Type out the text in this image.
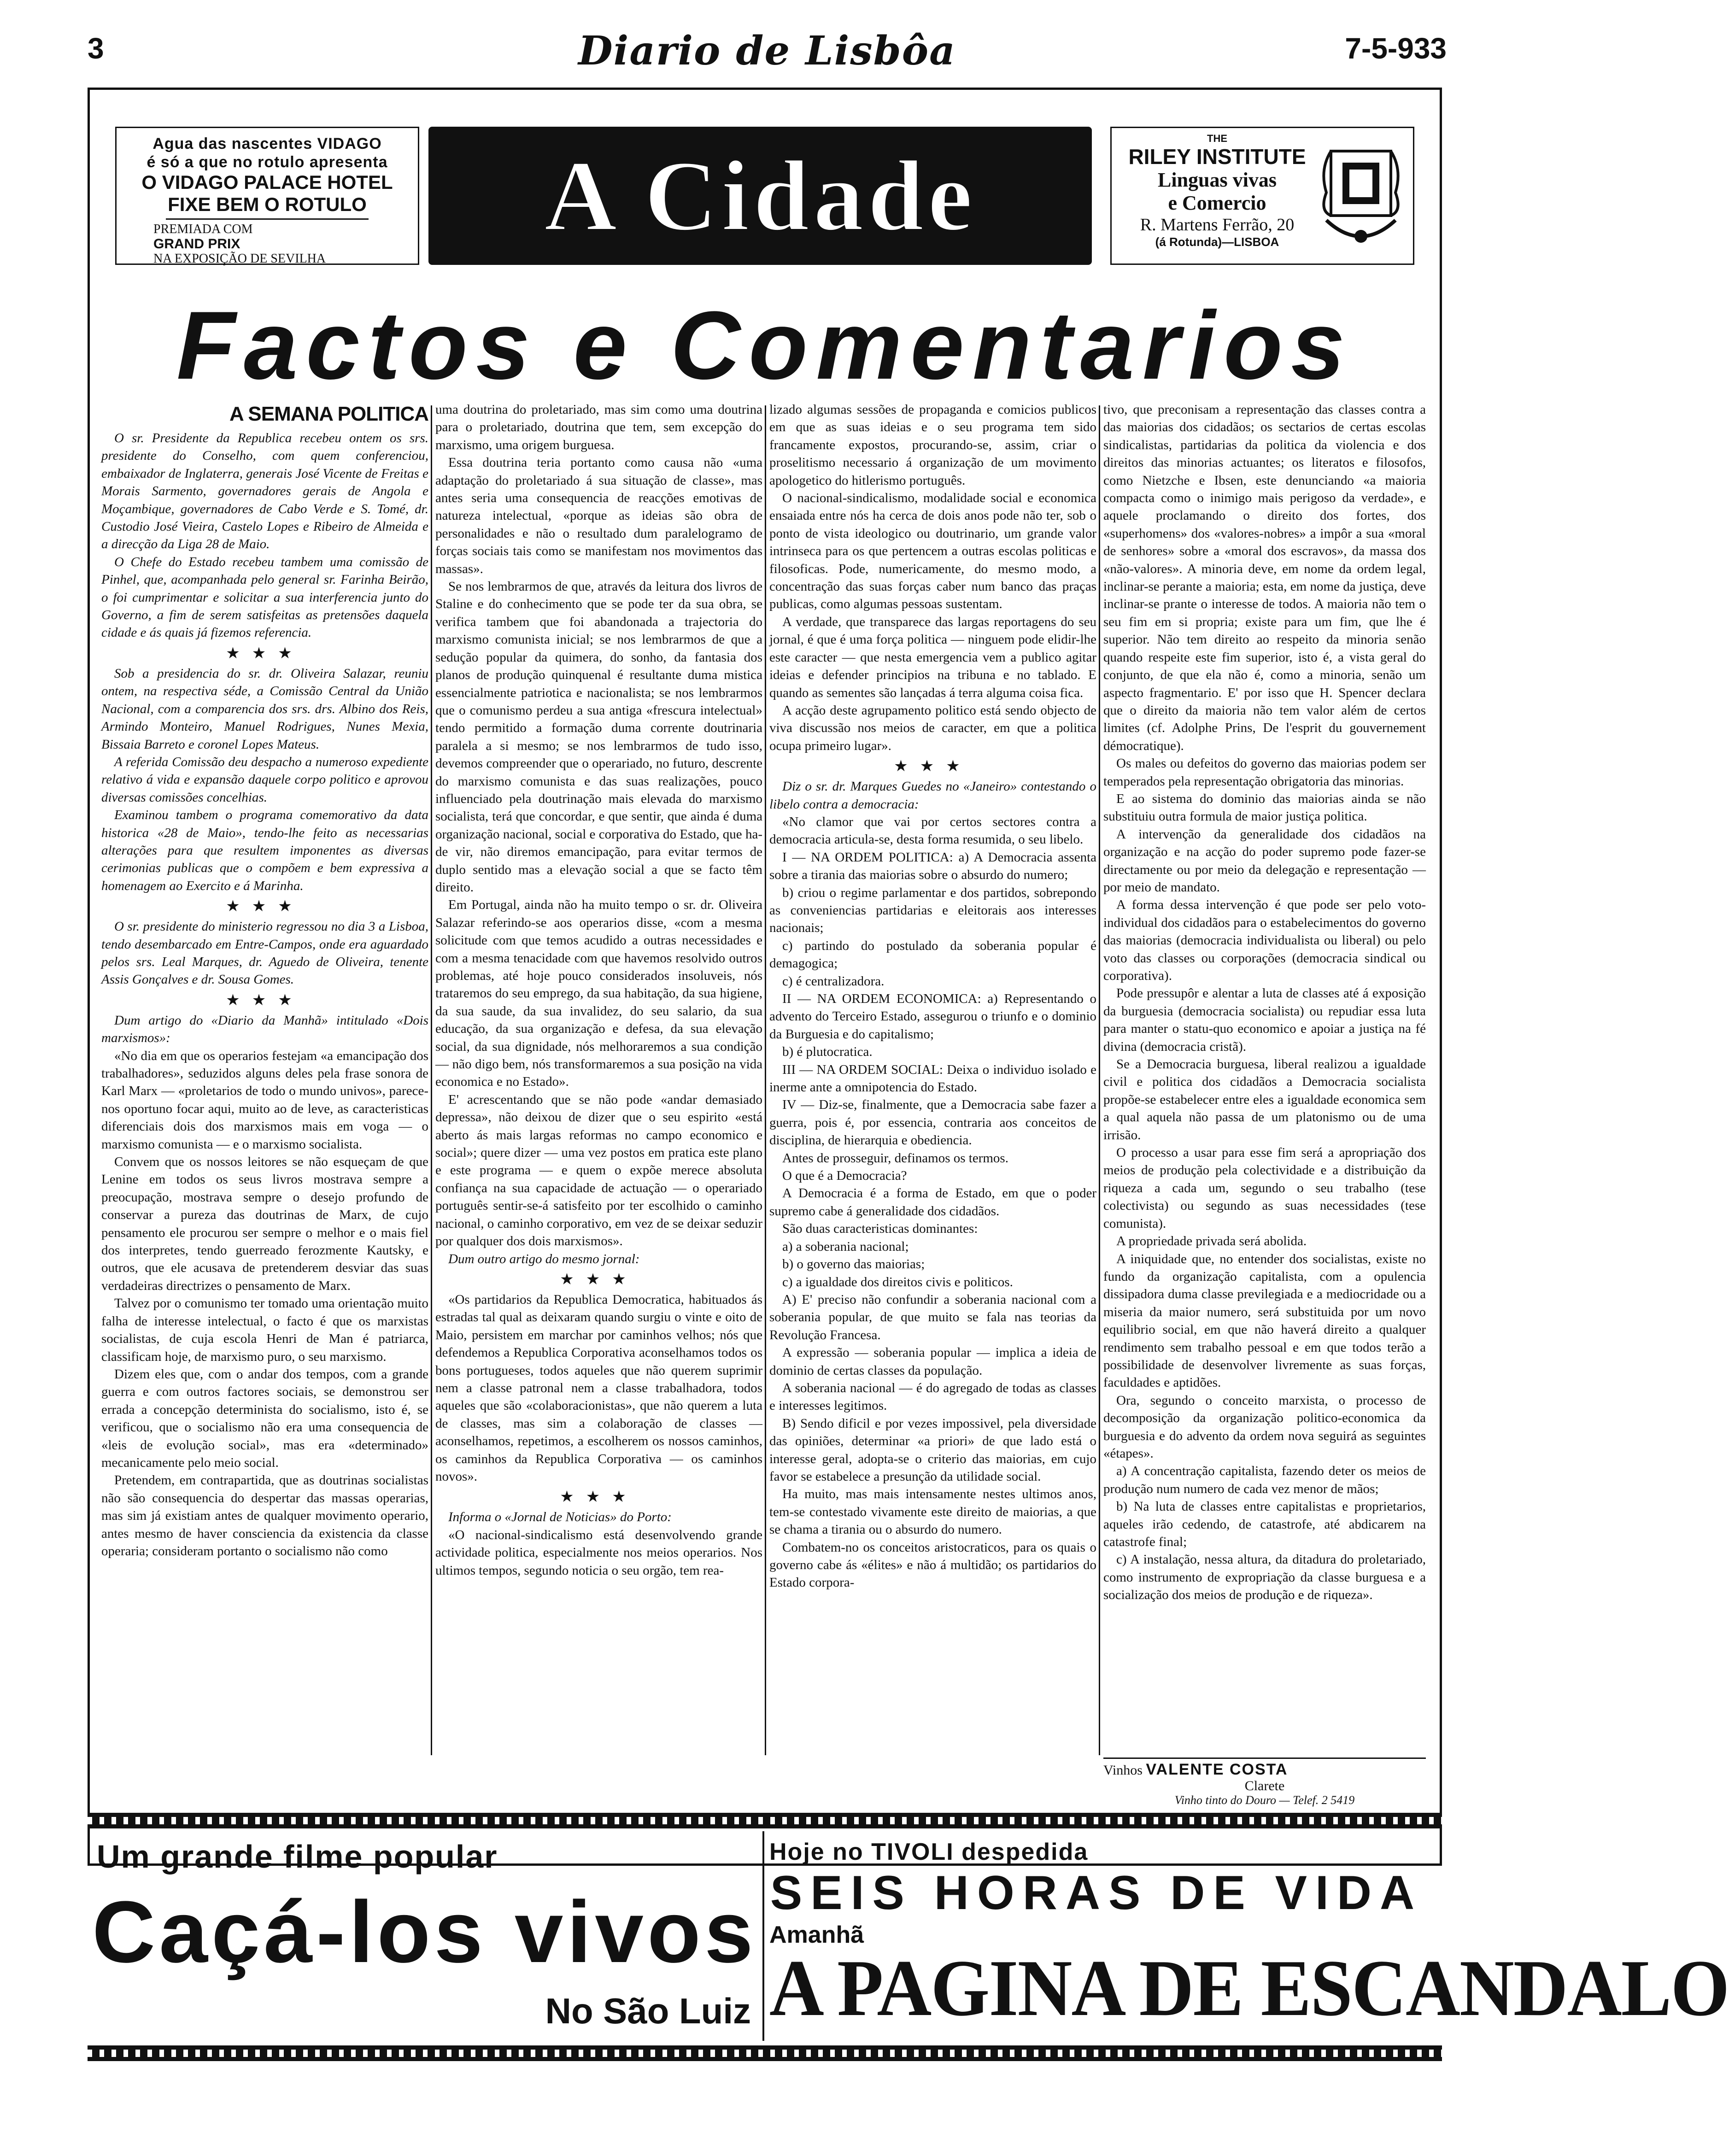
3	Diario de Lisbôa	7-5-933
Agua das nascentes VIDAGO
é só a que no rotulo apresenta
O VIDAGO PALACE HOTEL
FIXE BEM O ROTULO
PREMIADA COM
GRAND PRIX
NA EXPOSIÇÃO DE SEVILHA
A Cidade
THE
RILEY INSTITUTE
Linguas vivas
e Comercio
R. Martens Ferrão, 20
(á Rotunda)—LISBOA
Factos e Comentarios
A SEMANA POLITICA

O sr. Presidente da Republica recebeu ontem os srs. presidente do Conselho, com quem conferenciou, embaixador de Inglaterra, generais José Vicente de Freitas e Morais Sarmento, governadores gerais de Angola e Moçambique, governadores de Cabo Verde e S. Tomé, dr. Custodio José Vieira, Castelo Lopes e Ribeiro de Almeida e a direcção da Liga 28 de Maio.

O Chefe do Estado recebeu tambem uma comissão de Pinhel, que, acompanhada pelo general sr. Farinha Beirão, o foi cumprimentar e solicitar a sua interferencia junto do Governo, a fim de serem satisfeitas as pretensões daquela cidade e ás quais já fizemos referencia.

★★★

Sob a presidencia do sr. dr. Oliveira Salazar, reuniu ontem, na respectiva séde, a Comissão Central da União Nacional, com a comparencia dos srs. drs. Albino dos Reis, Armindo Monteiro, Manuel Rodrigues, Nunes Mexia, Bissaia Barreto e coronel Lopes Mateus.

A referida Comissão deu despacho a numeroso expediente relativo á vida e expansão daquele corpo politico e aprovou diversas comissões concelhias.

Examinou tambem o programa comemorativo da data historica «28 de Maio», tendo-lhe feito as necessarias alterações para que resultem imponentes as diversas cerimonias publicas que o compõem e bem expressiva a homenagem ao Exercito e á Marinha.

★★★

O sr. presidente do ministerio regressou no dia 3 a Lisboa, tendo desembarcado em Entre-Campos, onde era aguardado pelos srs. Leal Marques, dr. Aguedo de Oliveira, tenente Assis Gonçalves e dr. Sousa Gomes.

★★★

Dum artigo do «Diario da Manhã» intitulado «Dois marxismos»:

«No dia em que os operarios festejam «a emancipação dos trabalhadores», seduzidos alguns deles pela frase sonora de Karl Marx — «proletarios de todo o mundo univos», parece-nos oportuno focar aqui, muito ao de leve, as caracteristicas diferenciais dois dos marxismos mais em voga — o marxismo comunista — e o marxismo socialista.

Convem que os nossos leitores se não esqueçam de que Lenine em todos os seus livros mostrava sempre a preocupação, mostrava sempre o desejo profundo de conservar a pureza das doutrinas de Marx, de cujo pensamento ele procurou ser sempre o melhor e o mais fiel dos interpretes, tendo guerreado ferozmente Kautsky, e outros, que ele acusava de pretenderem desviar das suas verdadeiras directrizes o pensamento de Marx.

Talvez por o comunismo ter tomado uma orientação muito falha de interesse intelectual, o facto é que os marxistas socialistas, de cuja escola Henri de Man é patriarca, classificam hoje, de marxismo puro, o seu marxismo.

Dizem eles que, com o andar dos tempos, com a grande guerra e com outros factores sociais, se demonstrou ser errada a concepção determinista do socialismo, isto é, se verificou, que o socialismo não era uma consequencia de «leis de evolução social», mas era «determinado» mecanicamente pelo meio social.

Pretendem, em contrapartida, que as doutrinas socialistas não são consequencia do despertar das massas operarias, mas sim já existiam antes de qualquer movimento operario, antes mesmo de haver consciencia da existencia da classe operaria; consideram portanto o socialismo não como

uma doutrina do proletariado, mas sim como uma doutrina para o proletariado, doutrina que tem, sem excepção do marxismo, uma origem burguesa.

Essa doutrina teria portanto como causa não «uma adaptação do proletariado á sua situação de classe», mas antes seria uma consequencia de reacções emotivas de natureza intelectual, «porque as ideias são obra de personalidades e não o resultado dum paralelogramo de forças sociais tais como se manifestam nos movimentos das massas».

Se nos lembrarmos de que, através da leitura dos livros de Staline e do conhecimento que se pode ter da sua obra, se verifica tambem que foi abandonada a trajectoria do marxismo comunista inicial; se nos lembrarmos de que a sedução popular da quimera, do sonho, da fantasia dos planos de produção quinquenal é resultante duma mistica essencialmente patriotica e nacionalista; se nos lembrarmos que o comunismo perdeu a sua antiga «frescura intelectual» tendo permitido a formação duma corrente doutrinaria paralela a si mesmo; se nos lembrarmos de tudo isso, devemos compreender que o operariado, no futuro, descrente do marxismo comunista e das suas realizações, pouco influenciado pela doutrinação mais elevada do marxismo socialista, terá que concordar, e que sentir, que ainda é duma organização nacional, social e corporativa do Estado, que ha-de vir, não diremos emancipação, para evitar termos de duplo sentido mas a elevação social a que se facto têm direito.

Em Portugal, ainda não ha muito tempo o sr. dr. Oliveira Salazar referindo-se aos operarios disse, «com a mesma solicitude com que temos acudido a outras necessidades e com a mesma tenacidade com que havemos resolvido outros problemas, até hoje pouco considerados insoluveis, nós trataremos do seu emprego, da sua habitação, da sua higiene, da sua saude, da sua invalidez, do seu salario, da sua educação, da sua organização e defesa, da sua elevação social, da sua dignidade, nós melhoraremos a sua condição — não digo bem, nós transformaremos a sua posição na vida economica e no Estado».

E' acrescentando que se não pode «andar demasiado depressa», não deixou de dizer que o seu espirito «está aberto ás mais largas reformas no campo economico e social»; quere dizer — uma vez postos em pratica este plano e este programa — e quem o expõe merece absoluta confiança na sua capacidade de actuação — o operariado português sentir-se-á satisfeito por ter escolhido o caminho nacional, o caminho corporativo, em vez de se deixar seduzir por qualquer dos dois marxismos».

Dum outro artigo do mesmo jornal:

★★★

«Os partidarios da Republica Democratica, habituados ás estradas tal qual as deixaram quando surgiu o vinte e oito de Maio, persistem em marchar por caminhos velhos; nós que defendemos a Republica Corporativa aconselhamos todos os bons portugueses, todos aqueles que não querem suprimir nem a classe patronal nem a classe trabalhadora, todos aqueles que são «colaboracionistas», que não querem a luta de classes, mas sim a colaboração de classes — aconselhamos, repetimos, a escolherem os nossos caminhos, os caminhos da Republica Corporativa — os caminhos novos».

★★★

Informa o «Jornal de Noticias» do Porto:

«O nacional-sindicalismo está desenvolvendo grande actividade politica, especialmente nos meios operarios. Nos ultimos tempos, segundo noticia o seu orgão, tem rea-

lizado algumas sessões de propaganda e comicios publicos em que as suas ideias e o seu programa tem sido francamente expostos, procurando-se, assim, criar o proselitismo necessario á organização de um movimento apologetico do hitlerismo português.

O nacional-sindicalismo, modalidade social e economica ensaiada entre nós ha cerca de dois anos pode não ter, sob o ponto de vista ideologico ou doutrinario, um grande valor intrinseca para os que pertencem a outras escolas politicas e filosoficas. Pode, numericamente, do mesmo modo, a concentração das suas forças caber num banco das praças publicas, como algumas pessoas sustentam.

A verdade, que transparece das largas reportagens do seu jornal, é que é uma força politica — ninguem pode elidir-lhe este caracter — que nesta emergencia vem a publico agitar ideias e defender principios na tribuna e no tablado. E quando as sementes são lançadas á terra alguma coisa fica.

A acção deste agrupamento politico está sendo objecto de viva discussão nos meios de caracter, em que a politica ocupa primeiro lugar».

★★★

Diz o sr. dr. Marques Guedes no «Janeiro» contestando o libelo contra a democracia:

«No clamor que vai por certos sectores contra a democracia articula-se, desta forma resumida, o seu libelo.

I — NA ORDEM POLITICA: a) A Democracia assenta sobre a tirania das maiorias sobre o absurdo do numero;

b) criou o regime parlamentar e dos partidos, sobrepondo as conveniencias partidarias e eleitorais aos interesses nacionais;

c) partindo do postulado da soberania popular é demagogica;

c) é centralizadora.

II — NA ORDEM ECONOMICA: a) Representando o advento do Terceiro Estado, assegurou o triunfo e o dominio da Burguesia e do capitalismo;

b) é plutocratica.

III — NA ORDEM SOCIAL: Deixa o individuo isolado e inerme ante a omnipotencia do Estado.

IV — Diz-se, finalmente, que a Democracia sabe fazer a guerra, pois é, por essencia, contraria aos conceitos de disciplina, de hierarquia e obediencia.

Antes de prosseguir, definamos os termos.

O que é a Democracia?

A Democracia é a forma de Estado, em que o poder supremo cabe á generalidade dos cidadãos.

São duas caracteristicas dominantes:

a) a soberania nacional;

b) o governo das maiorias;

c) a igualdade dos direitos civis e politicos.

A) E' preciso não confundir a soberania nacional com a soberania popular, de que muito se fala nas teorias da Revolução Francesa.

A expressão — soberania popular — implica a ideia de dominio de certas classes da população.

A soberania nacional — é do agregado de todas as classes e interesses legitimos.

B) Sendo dificil e por vezes impossivel, pela diversidade das opiniões, determinar «a priori» de que lado está o interesse geral, adopta-se o criterio das maiorias, em cujo favor se estabelece a presunção da utilidade social.

Ha muito, mas mais intensamente nestes ultimos anos, tem-se contestado vivamente este direito de maiorias, a que se chama a tirania ou o absurdo do numero.

Combatem-no os conceitos aristocraticos, para os quais o governo cabe ás «élites» e não á multidão; os partidarios do Estado corpora-

tivo, que preconisam a representação das classes contra a das maiorias dos cidadãos; os sectarios de certas escolas sindicalistas, partidarias da politica da violencia e dos direitos das minorias actuantes; os literatos e filosofos, como Nietzche e Ibsen, este denunciando «a maioria compacta como o inimigo mais perigoso da verdade», e aquele proclamando o direito dos fortes, dos «superhomens» dos «valores-nobres» a impôr a sua «moral de senhores» sobre a «moral dos escravos», da massa dos «não-valores». A minoria deve, em nome da ordem legal, inclinar-se perante a maioria; esta, em nome da justiça, deve inclinar-se prante o interesse de todos. A maioria não tem o seu fim em si propria; existe para um fim, que lhe é superior. Não tem direito ao respeito da minoria senão quando respeite este fim superior, isto é, a vista geral do conjunto, de que ela não é, como a minoria, senão um aspecto fragmentario. E' por isso que H. Spencer declara que o direito da maioria não tem valor além de certos limites (cf. Adolphe Prins, De l'esprit du gouvernement démocratique).

Os males ou defeitos do governo das maiorias podem ser temperados pela representação obrigatoria das minorias.

E ao sistema do dominio das maiorias ainda se não substituiu outra formula de maior justiça politica.

A intervenção da generalidade dos cidadãos na organização e na acção do poder supremo pode fazer-se directamente ou por meio da delegação e representação — por meio de mandato.

A forma dessa intervenção é que pode ser pelo voto-individual dos cidadãos para o estabelecimentos do governo das maiorias (democracia individualista ou liberal) ou pelo voto das classes ou corporações (democracia sindical ou corporativa).

Pode pressupôr e alentar a luta de classes até á exposição da burguesia (democracia socialista) ou repudiar essa luta para manter o statu-quo economico e apoiar a justiça na fé divina (democracia cristã).

Se a Democracia burguesa, liberal realizou a igualdade civil e politica dos cidadãos a Democracia socialista propõe-se estabelecer entre eles a igualdade economica sem a qual aquela não passa de um platonismo ou de uma irrisão.

O processo a usar para esse fim será a apropriação dos meios de produção pela colectividade e a distribuição da riqueza a cada um, segundo o seu trabalho (tese colectivista) ou segundo as suas necessidades (tese comunista).

A propriedade privada será abolida.

A iniquidade que, no entender dos socialistas, existe no fundo da organização capitalista, com a opulencia dissipadora duma classe previlegiada e a mediocridade ou a miseria da maior numero, será substituida por um novo equilibrio social, em que não haverá direito a qualquer rendimento sem trabalho pessoal e em que todos terão a possibilidade de desenvolver livremente as suas forças, faculdades e aptidões.

Ora, segundo o conceito marxista, o processo de decomposição da organização politico-economica da burguesia e do advento da ordem nova seguirá as seguintes «étapes».

a) A concentração capitalista, fazendo deter os meios de produção num numero de cada vez menor de mãos;

b) Na luta de classes entre capitalistas e proprietarios, aqueles irão cedendo, de catastrofe, até abdicarem na catastrofe final;

c) A instalação, nessa altura, da ditadura do proletariado, como instrumento de expropriação da classe burguesa e a socialização dos meios de produção e de riqueza».

Vinhos VALENTE COSTA
Clarete
Vinho tinto do Douro — Telef. 2 5419
Um grande filme popular
Caçá-los vivos
No São Luiz
Hoje no TIVOLI despedida
SEIS HORAS DE VIDA
Amanhã
A PAGINA DE ESCANDALO
